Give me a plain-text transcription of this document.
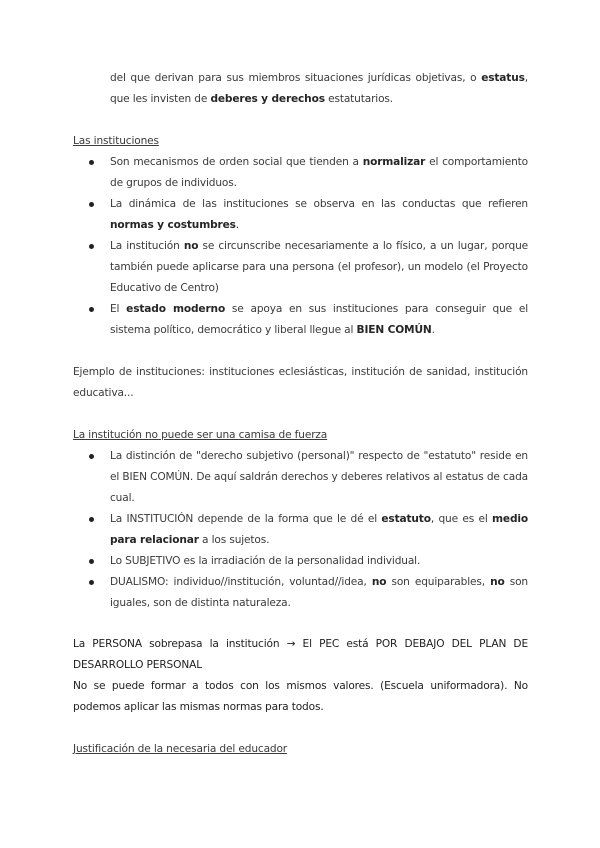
del que derivan para sus miembros situaciones jurídicas objetivas, o estatus, que les invisten de deberes y derechos estatutarios.
Las instituciones
Son mecanismos de orden social que tienden a normalizar el comportamiento de grupos de individuos.
La dinámica de las instituciones se observa en las conductas que refieren normas y costumbres.
La institución no se circunscribe necesariamente a lo físico, a un lugar, porque también puede aplicarse para una persona (el profesor), un modelo (el Proyecto Educativo de Centro)
El estado moderno se apoya en sus instituciones para conseguir que el sistema político, democrático y liberal llegue al BIEN COMÚN.
Ejemplo de instituciones: instituciones eclesiásticas, institución de sanidad, institución educativa...
La institución no puede ser una camisa de fuerza
La distinción de "derecho subjetivo (personal)" respecto de "estatuto" reside en el BIEN COMÚN. De aquí saldrán derechos y deberes relativos al estatus de cada cual.
La INSTITUCIÓN depende de la forma que le dé el estatuto, que es el medio para relacionar a los sujetos.
Lo SUBJETIVO es la irradiación de la personalidad individual.
DUALISMO: individuo//institución, voluntad//idea, no son equiparables, no son iguales, son de distinta naturaleza.
La PERSONA sobrepasa la institución → El PEC está POR DEBAJO DEL PLAN DE DESARROLLO PERSONAL
No se puede formar a todos con los mismos valores. (Escuela uniformadora). No podemos aplicar las mismas normas para todos.
Justificación de la necesaria del educador
